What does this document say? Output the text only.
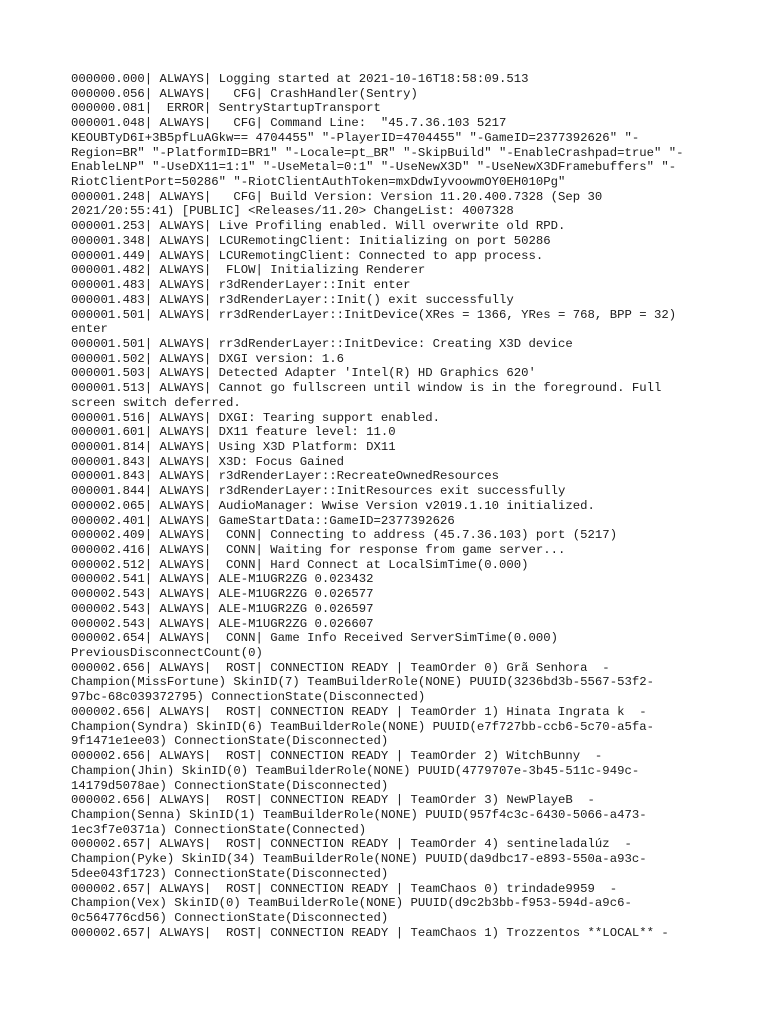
000000.000| ALWAYS| Logging started at 2021-10-16T18:58:09.513
000000.056| ALWAYS|   CFG| CrashHandler(Sentry)
000000.081|  ERROR| SentryStartupTransport
000001.048| ALWAYS|   CFG| Command Line:  "45.7.36.103 5217
KEOUBTyD6I+3B5pfLuAGkw== 4704455" "-PlayerID=4704455" "-GameID=2377392626" "-
Region=BR" "-PlatformID=BR1" "-Locale=pt_BR" "-SkipBuild" "-EnableCrashpad=true" "-
EnableLNP" "-UseDX11=1:1" "-UseMetal=0:1" "-UseNewX3D" "-UseNewX3DFramebuffers" "-
RiotClientPort=50286" "-RiotClientAuthToken=mxDdwIyvoowmOY0EH010Pg"
000001.248| ALWAYS|   CFG| Build Version: Version 11.20.400.7328 (Sep 30
2021/20:55:41) [PUBLIC] <Releases/11.20> ChangeList: 4007328
000001.253| ALWAYS| Live Profiling enabled. Will overwrite old RPD.
000001.348| ALWAYS| LCURemotingClient: Initializing on port 50286
000001.449| ALWAYS| LCURemotingClient: Connected to app process.
000001.482| ALWAYS|  FLOW| Initializing Renderer
000001.483| ALWAYS| r3dRenderLayer::Init enter
000001.483| ALWAYS| r3dRenderLayer::Init() exit successfully
000001.501| ALWAYS| rr3dRenderLayer::InitDevice(XRes = 1366, YRes = 768, BPP = 32)
enter
000001.501| ALWAYS| rr3dRenderLayer::InitDevice: Creating X3D device
000001.502| ALWAYS| DXGI version: 1.6
000001.503| ALWAYS| Detected Adapter 'Intel(R) HD Graphics 620'
000001.513| ALWAYS| Cannot go fullscreen until window is in the foreground. Full
screen switch deferred.
000001.516| ALWAYS| DXGI: Tearing support enabled.
000001.601| ALWAYS| DX11 feature level: 11.0
000001.814| ALWAYS| Using X3D Platform: DX11
000001.843| ALWAYS| X3D: Focus Gained
000001.843| ALWAYS| r3dRenderLayer::RecreateOwnedResources
000001.844| ALWAYS| r3dRenderLayer::InitResources exit successfully
000002.065| ALWAYS| AudioManager: Wwise Version v2019.1.10 initialized.
000002.401| ALWAYS| GameStartData::GameID=2377392626
000002.409| ALWAYS|  CONN| Connecting to address (45.7.36.103) port (5217)
000002.416| ALWAYS|  CONN| Waiting for response from game server...
000002.512| ALWAYS|  CONN| Hard Connect at LocalSimTime(0.000)
000002.541| ALWAYS| ALE-M1UGR2ZG 0.023432
000002.543| ALWAYS| ALE-M1UGR2ZG 0.026577
000002.543| ALWAYS| ALE-M1UGR2ZG 0.026597
000002.543| ALWAYS| ALE-M1UGR2ZG 0.026607
000002.654| ALWAYS|  CONN| Game Info Received ServerSimTime(0.000)
PreviousDisconnectCount(0)
000002.656| ALWAYS|  ROST| CONNECTION READY | TeamOrder 0) Grã Senhora  -
Champion(MissFortune) SkinID(7) TeamBuilderRole(NONE) PUUID(3236bd3b-5567-53f2-
97bc-68c039372795) ConnectionState(Disconnected)
000002.656| ALWAYS|  ROST| CONNECTION READY | TeamOrder 1) Hinata Ingrata k  -
Champion(Syndra) SkinID(6) TeamBuilderRole(NONE) PUUID(e7f727bb-ccb6-5c70-a5fa-
9f1471e1ee03) ConnectionState(Disconnected)
000002.656| ALWAYS|  ROST| CONNECTION READY | TeamOrder 2) WitchBunny  -
Champion(Jhin) SkinID(0) TeamBuilderRole(NONE) PUUID(4779707e-3b45-511c-949c-
14179d5078ae) ConnectionState(Disconnected)
000002.656| ALWAYS|  ROST| CONNECTION READY | TeamOrder 3) NewPlayeB  -
Champion(Senna) SkinID(1) TeamBuilderRole(NONE) PUUID(957f4c3c-6430-5066-a473-
1ec3f7e0371a) ConnectionState(Connected)
000002.657| ALWAYS|  ROST| CONNECTION READY | TeamOrder 4) sentineladalúz  -
Champion(Pyke) SkinID(34) TeamBuilderRole(NONE) PUUID(da9dbc17-e893-550a-a93c-
5dee043f1723) ConnectionState(Disconnected)
000002.657| ALWAYS|  ROST| CONNECTION READY | TeamChaos 0) trindade9959  -
Champion(Vex) SkinID(0) TeamBuilderRole(NONE) PUUID(d9c2b3bb-f953-594d-a9c6-
0c564776cd56) ConnectionState(Disconnected)
000002.657| ALWAYS|  ROST| CONNECTION READY | TeamChaos 1) Trozzentos **LOCAL** -
